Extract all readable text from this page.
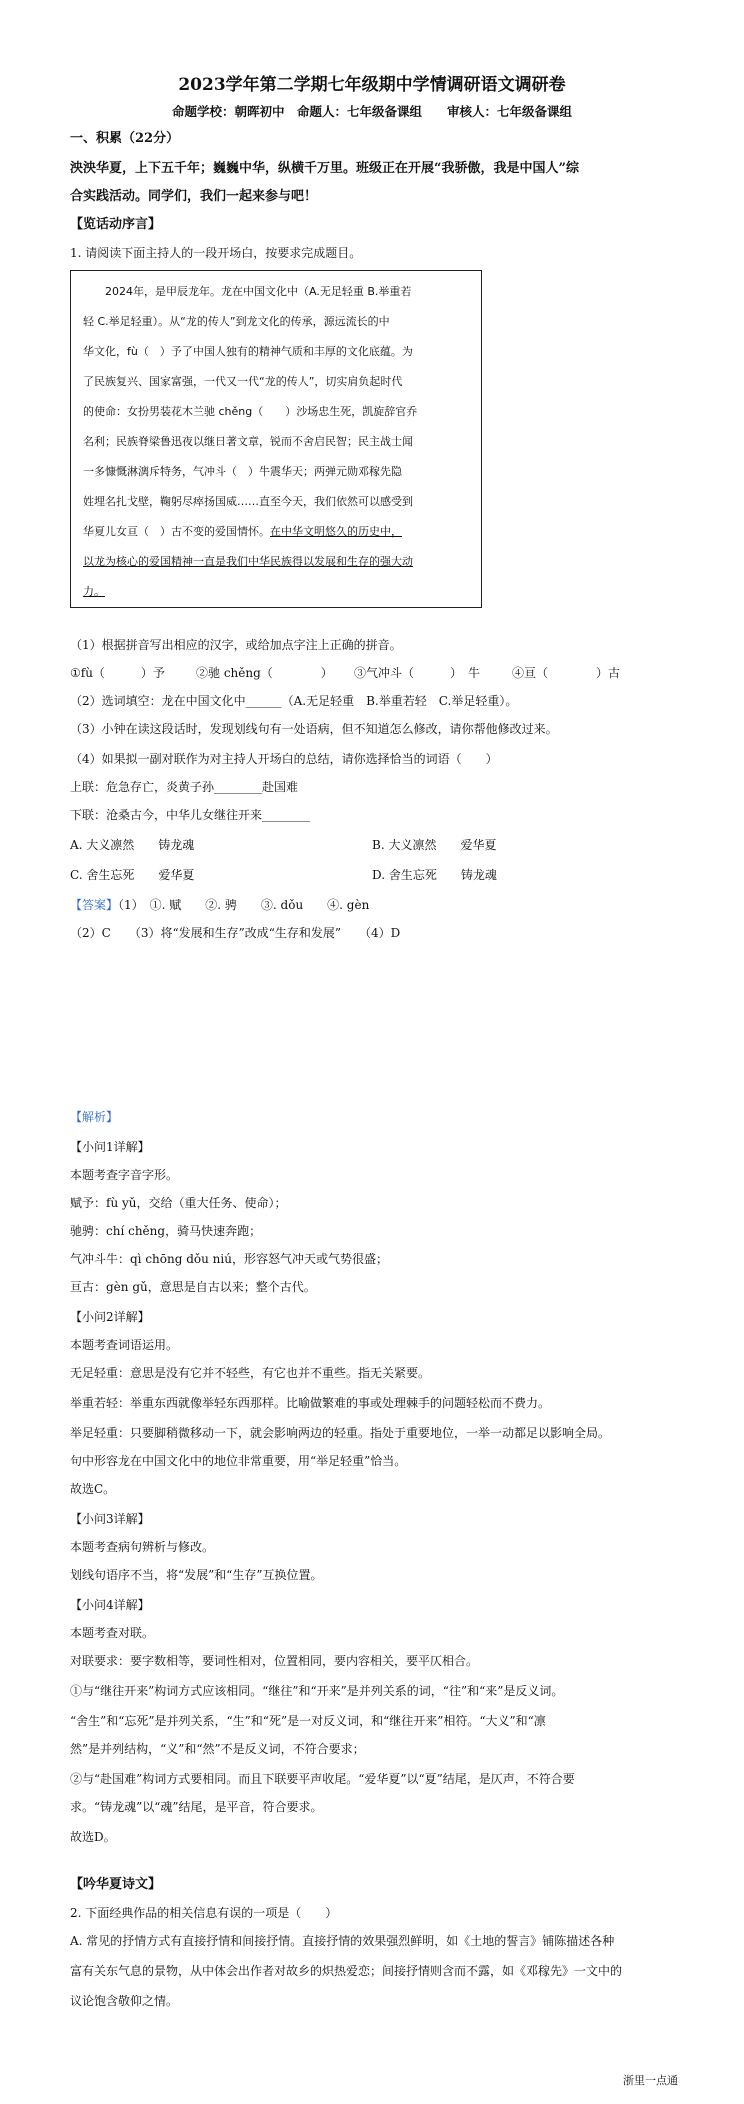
2023学年第二学期七年级期中学情调研语文调研卷
命题学校：朝晖初中　命题人：七年级备课组　　审核人：七年级备课组
一、积累（22分）
泱泱华夏，上下五千年；巍巍中华，纵横千万里。班级正在开展“我骄傲，我是中国人”综
合实践活动。同学们，我们一起来参与吧！
【览话动序言】
1. 请阅读下面主持人的一段开场白，按要求完成题目。
2024年，是甲辰龙年。龙在中国文化中（A.无足轻重 B.举重若
轻 C.举足轻重）。从“龙的传人”到龙文化的传承，源远流长的中
华文化，fù（　）予了中国人独有的精神气质和丰厚的文化底蕴。为
了民族复兴、国家富强，一代又一代“龙的传人”，切实肩负起时代
的使命：女扮男装花木兰驰 chěng（　　）沙场忠生死，凯旋辞官乔
名利；民族脊梁鲁迅夜以继日著文章，锐而不舍启民智；民主战士闻
一多慷慨淋漓斥特务，气冲斗（　）牛震华天；两弹元勋邓稼先隐
姓埋名扎戈壁，鞠躬尽瘁扬国威……直至今天，我们依然可以感受到
华夏儿女亘（　）古不变的爱国情怀。在中华文明悠久的历史中，
以龙为核心的爱国精神一直是我们中华民族得以发展和生存的强大动
力。
（1）根据拼音写出相应的汉字，或给加点字注上正确的拼音。
①fù（　　　）予	②驰 chěng（　　　　） ③气冲斗（　　　）　牛	④亘（　　　　）古
（2）选词填空：龙在中国文化中______（A.无足轻重　B.举重若轻　C.举足轻重）。
（3）小钟在读这段话时，发现划线句有一处语病，但不知道怎么修改，请你帮他修改过来。
（4）如果拟一副对联作为对主持人开场白的总结，请你选择恰当的词语（　　）
上联：危急存亡，炎黄子孙________赴国难
下联：沧桑古今，中华儿女继往开来________
A. 大义凛然　　铸龙魂	B. 大义凛然　　爱华夏
C. 舍生忘死　　爱华夏	D. 舍生忘死　　铸龙魂
【答案】（1）　①. 赋　　②. 骋　　③. dǒu　　④. gèn
（2）C　　（3）将“发展和生存”改成“生存和发展”　　（4）D
【解析】
【小问1详解】
本题考查字音字形。
赋予：fù yǔ，交给（重大任务、使命）；
驰骋：chí chěng，骑马快速奔跑；
气冲斗牛：qì chōng dǒu niú，形容怒气冲天或气势很盛；
亘古：gèn gǔ，意思是自古以来；整个古代。
【小问2详解】
本题考查词语运用。
无足轻重：意思是没有它并不轻些，有它也并不重些。指无关紧要。
举重若轻：举重东西就像举轻东西那样。比喻做繁难的事或处理棘手的问题轻松而不费力。
举足轻重：只要脚稍微移动一下，就会影响两边的轻重。指处于重要地位，一举一动都足以影响全局。
句中形容龙在中国文化中的地位非常重要，用“举足轻重”恰当。
故选C。
【小问3详解】
本题考查病句辨析与修改。
划线句语序不当，将“发展”和“生存”互换位置。
【小问4详解】
本题考查对联。
对联要求：要字数相等，要词性相对，位置相同，要内容相关，要平仄相合。
①与“继往开来”构词方式应该相同。“继往”和“开来”是并列关系的词，“往”和“来”是反义词。
“舍生”和“忘死”是并列关系，“生”和“死”是一对反义词，和“继往开来”相符。“大义”和“凛
然”是并列结构，“义”和“然”不是反义词，不符合要求；
②与“赴国难”构词方式要相同。而且下联要平声收尾。“爱华夏”以“夏”结尾，是仄声，不符合要
求。“铸龙魂”以“魂”结尾，是平音，符合要求。
故选D。
【吟华夏诗文】
2. 下面经典作品的相关信息有误的一项是（　　）
A. 常见的抒情方式有直接抒情和间接抒情。直接抒情的效果强烈鲜明，如《土地的誓言》铺陈描述各种
富有关东气息的景物，从中体会出作者对故乡的炽热爱恋；间接抒情则含而不露，如《邓稼先》一文中的
议论饱含敬仰之情。
浙里一点通
